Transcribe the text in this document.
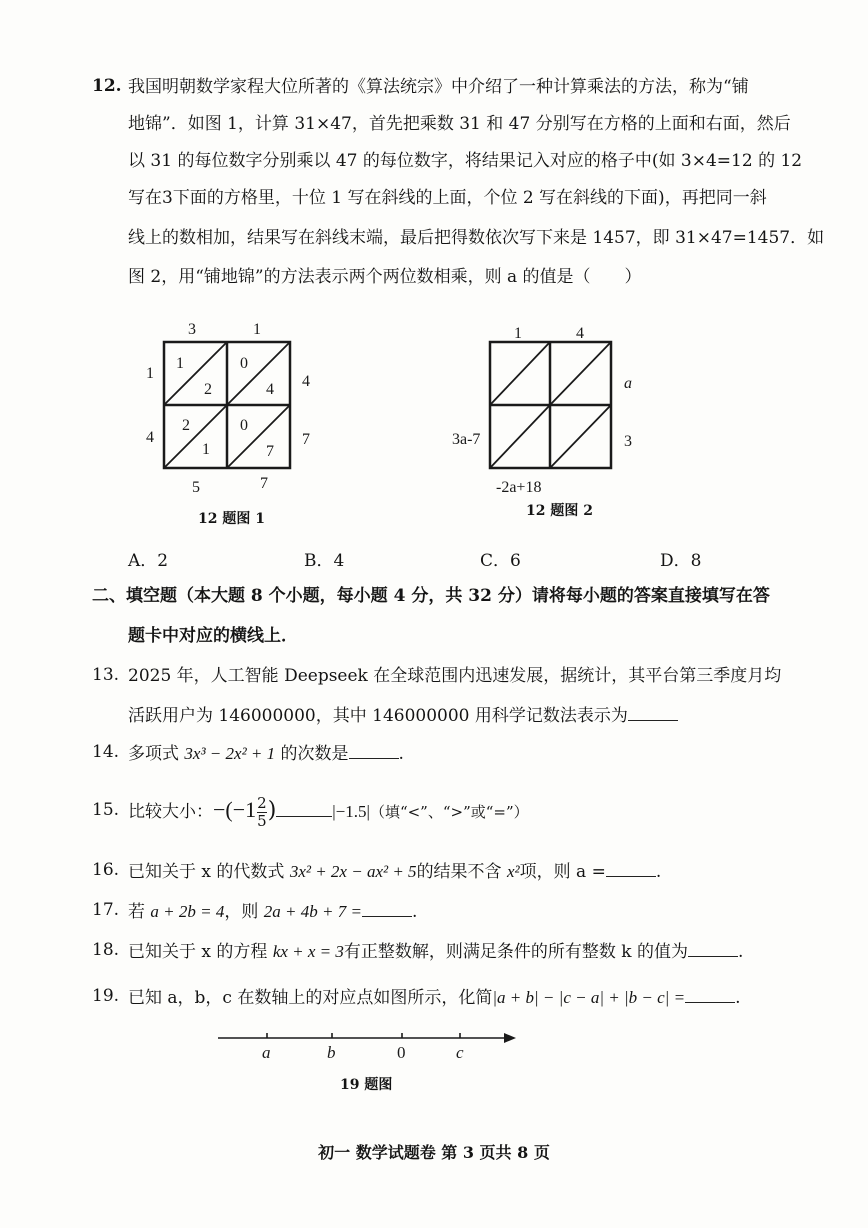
12. 我国明朝数学家程大位所著的《算法统宗》中介绍了一种计算乘法的方法，称为“铺
地锦”．如图 1，计算 31×47，首先把乘数 31 和 47 分别写在方格的上面和右面，然后
以 31 的每位数字分别乘以 47 的每位数字，将结果记入对应的格子中(如 3×4=12 的 12
写在3下面的方格里，十位 1 写在斜线的上面，个位 2 写在斜线的下面)，再把同一斜
线上的数相加，结果写在斜线末端，最后把得数依次写下来是 1457，即 31×47=1457．如
图 2，用“铺地锦”的方法表示两个两位数相乘，则 a 的值是（　　）
3	1
4
7
1
4
5	7
1
2
0
4
2
1
0
7
12 题图 1
1	4
a
3
3a-7
-2a+18
12 题图 2
A．2	B．4	C．6	D．8
二、填空题（本大题 8 个小题，每小题 4 分，共 32 分）请将每小题的答案直接填写在答
题卡中对应的横线上．
13. 2025 年，人工智能 Deepseek 在全球范围内迅速发展，据统计，其平台第三季度月均
活跃用户为 146000000，其中 146000000 用科学记数法表示为
14. 多项式 3x³ − 2x² + 1 的次数是	.
15. 比较大小：$-(-1 \frac{2}{5}$ )	|−1.5|（填“<”、“>”或“=”）
16. 已知关于 x 的代数式 3x² + 2x − ax² + 5的结果不含 x²项，则 a =	.
17. 若 a + 2b = 4，则 2a + 4b + 7 =	.
18. 已知关于 x 的方程 kx + x = 3有正整数解，则满足条件的所有整数 k 的值为	.
19. 已知 a，b，c 在数轴上的对应点如图所示，化简|a + b| − |c − a| + |b − c| =	.
a	b	0	c
19 题图
初一 数学试题卷 第 3 页共 8 页
